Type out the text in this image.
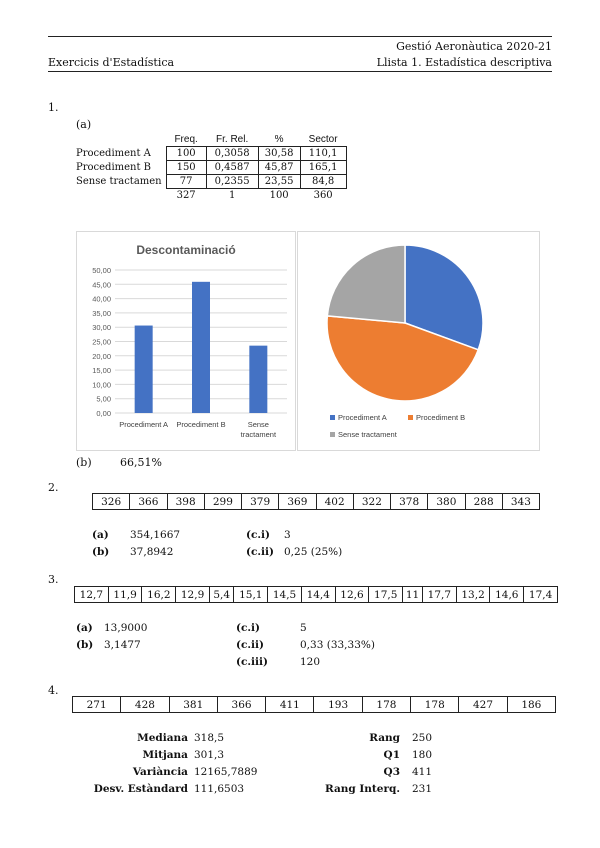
Gestió Aeronàutica 2020-21
Exercicis d'Estadística	Llista 1. Estadística descriptiva
1.
(a)
	Freq.	Fr. Rel.	%	Sector
Procediment A	100	0,3058	30,58	110,1
Procediment B	150	0,4587	45,87	165,1
Sense tractamen	77	0,2355	23,55	84,8
	327	1	100	360
Descontaminació
0,00
5,00
10,00
15,00
20,00
25,00
30,00
35,00
40,00
45,00
50,00
Procediment A Procediment B	Sense
tractament
Procediment A	Procediment B
Sense tractament
(b)	66,51%
2.
326	366	398	299	379	369	402	322	378	380	288	343
(a) 354,1667
(b) 37,8942
(c.i) 3
(c.ii) 0,25 (25%)
3.
12,7	11,9	16,2	12,9	5,4	15,1	14,5	14,4	12,6	17,5	11	17,7	13,2	14,6	17,4
(a) 13,9000
(b) 3,1477
(c.i)	5
(c.ii)	0,33 (33,33%)
(c.iii)	120
4.
271	428	381	366	411	193	178	178	427	186
Mediana 318,5
Mitjana 301,3
Variància 12165,7889
Desv. Estàndard 111,6503
Rang 250
Q1 180
Q3 411
Rang Interq. 231
